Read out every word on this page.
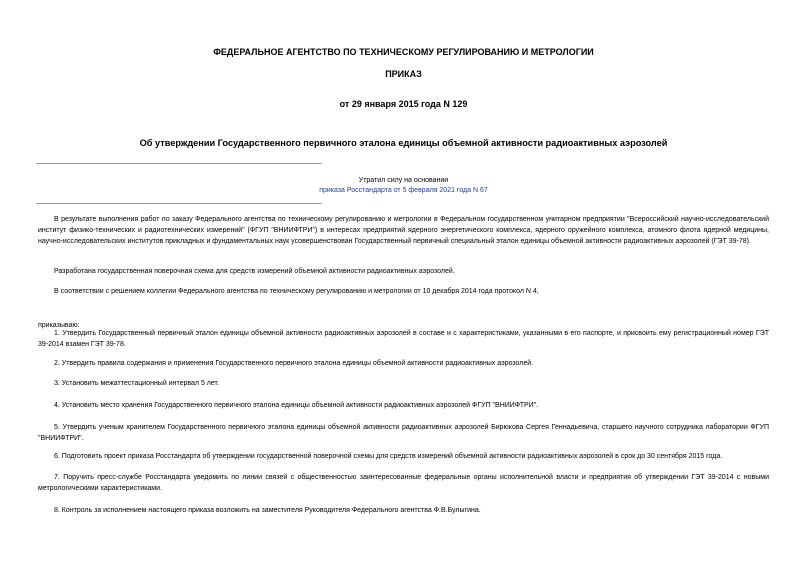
ФЕДЕРАЛЬНОЕ АГЕНТСТВО ПО ТЕХНИЧЕСКОМУ РЕГУЛИРОВАНИЮ И МЕТРОЛОГИИ
ПРИКАЗ
от 29 января 2015 года N 129
Об утверждении Государственного первичного эталона единицы объемной активности радиоактивных аэрозолей
Утратил силу на основании
приказа Росстандарта от 5 февраля 2021 года N 67
В результате выполнения работ по заказу Федерального агентства по техническому регулированию и метрологии в Федеральном государственном унитарном предприятии "Всероссийский научно-исследовательский институт физико-технических и радиотехнических измерений" (ФГУП "ВНИИФТРИ") в интересах предприятий ядерного энергетического комплекса, ядерного оружейного комплекса, атомного флота ядерной медицины, научно-исследовательских институтов прикладных и фундаментальных наук усовершенствован Государственный первичный специальный эталон единицы объемной активности радиоактивных аэрозолей (ГЭТ 39-78).
Разработана государственная поверочная схема для средств измерений объемной активности радиоактивных аэрозолей.
В соответствии с решением коллегии Федерального агентства по техническому регулированию и метрологии от 10 декабря 2014 года протокол N 4,
приказываю:
1. Утвердить Государственный первичный эталон единицы объемной активности радиоактивных аэрозолей в составе и с характеристиками, указанными в его паспорте, и присвоить ему регистрационный номер ГЭТ 39-2014 взамен ГЭТ 39-78.
2. Утвердить правила содержания и применения Государственного первичного эталона единицы объемной активности радиоактивных аэрозолей.
3. Установить межаттестационный интервал 5 лет.
4. Установить место хранения Государственного первичного эталона единицы объемной активности радиоактивных аэрозолей ФГУП "ВНИИФТРИ".
5. Утвердить ученым хранителем Государственного первичного эталона единицы объемной активности радиоактивных аэрозолей Бирюкова Сергея Геннадьевича, старшего научного сотрудника лаборатории ФГУП "ВНИИФТРИ".
6. Подготовить проект приказа Росстандарта об утверждении государственной поверочной схемы для средств измерений объемной активности радиоактивных аэрозолей в срок до 30 сентября 2015 года.
7. Поручить пресс-службе Росстандарта уведомить по линии связей с общественностью заинтересованные федеральные органы исполнительной власти и предприятия об утверждении ГЭТ 39-2014 с новыми метрологическими характеристиками.
8. Контроль за исполнением настоящего приказа возложить на заместителя Руководителя Федерального агентства Ф.В.Булыгина.
